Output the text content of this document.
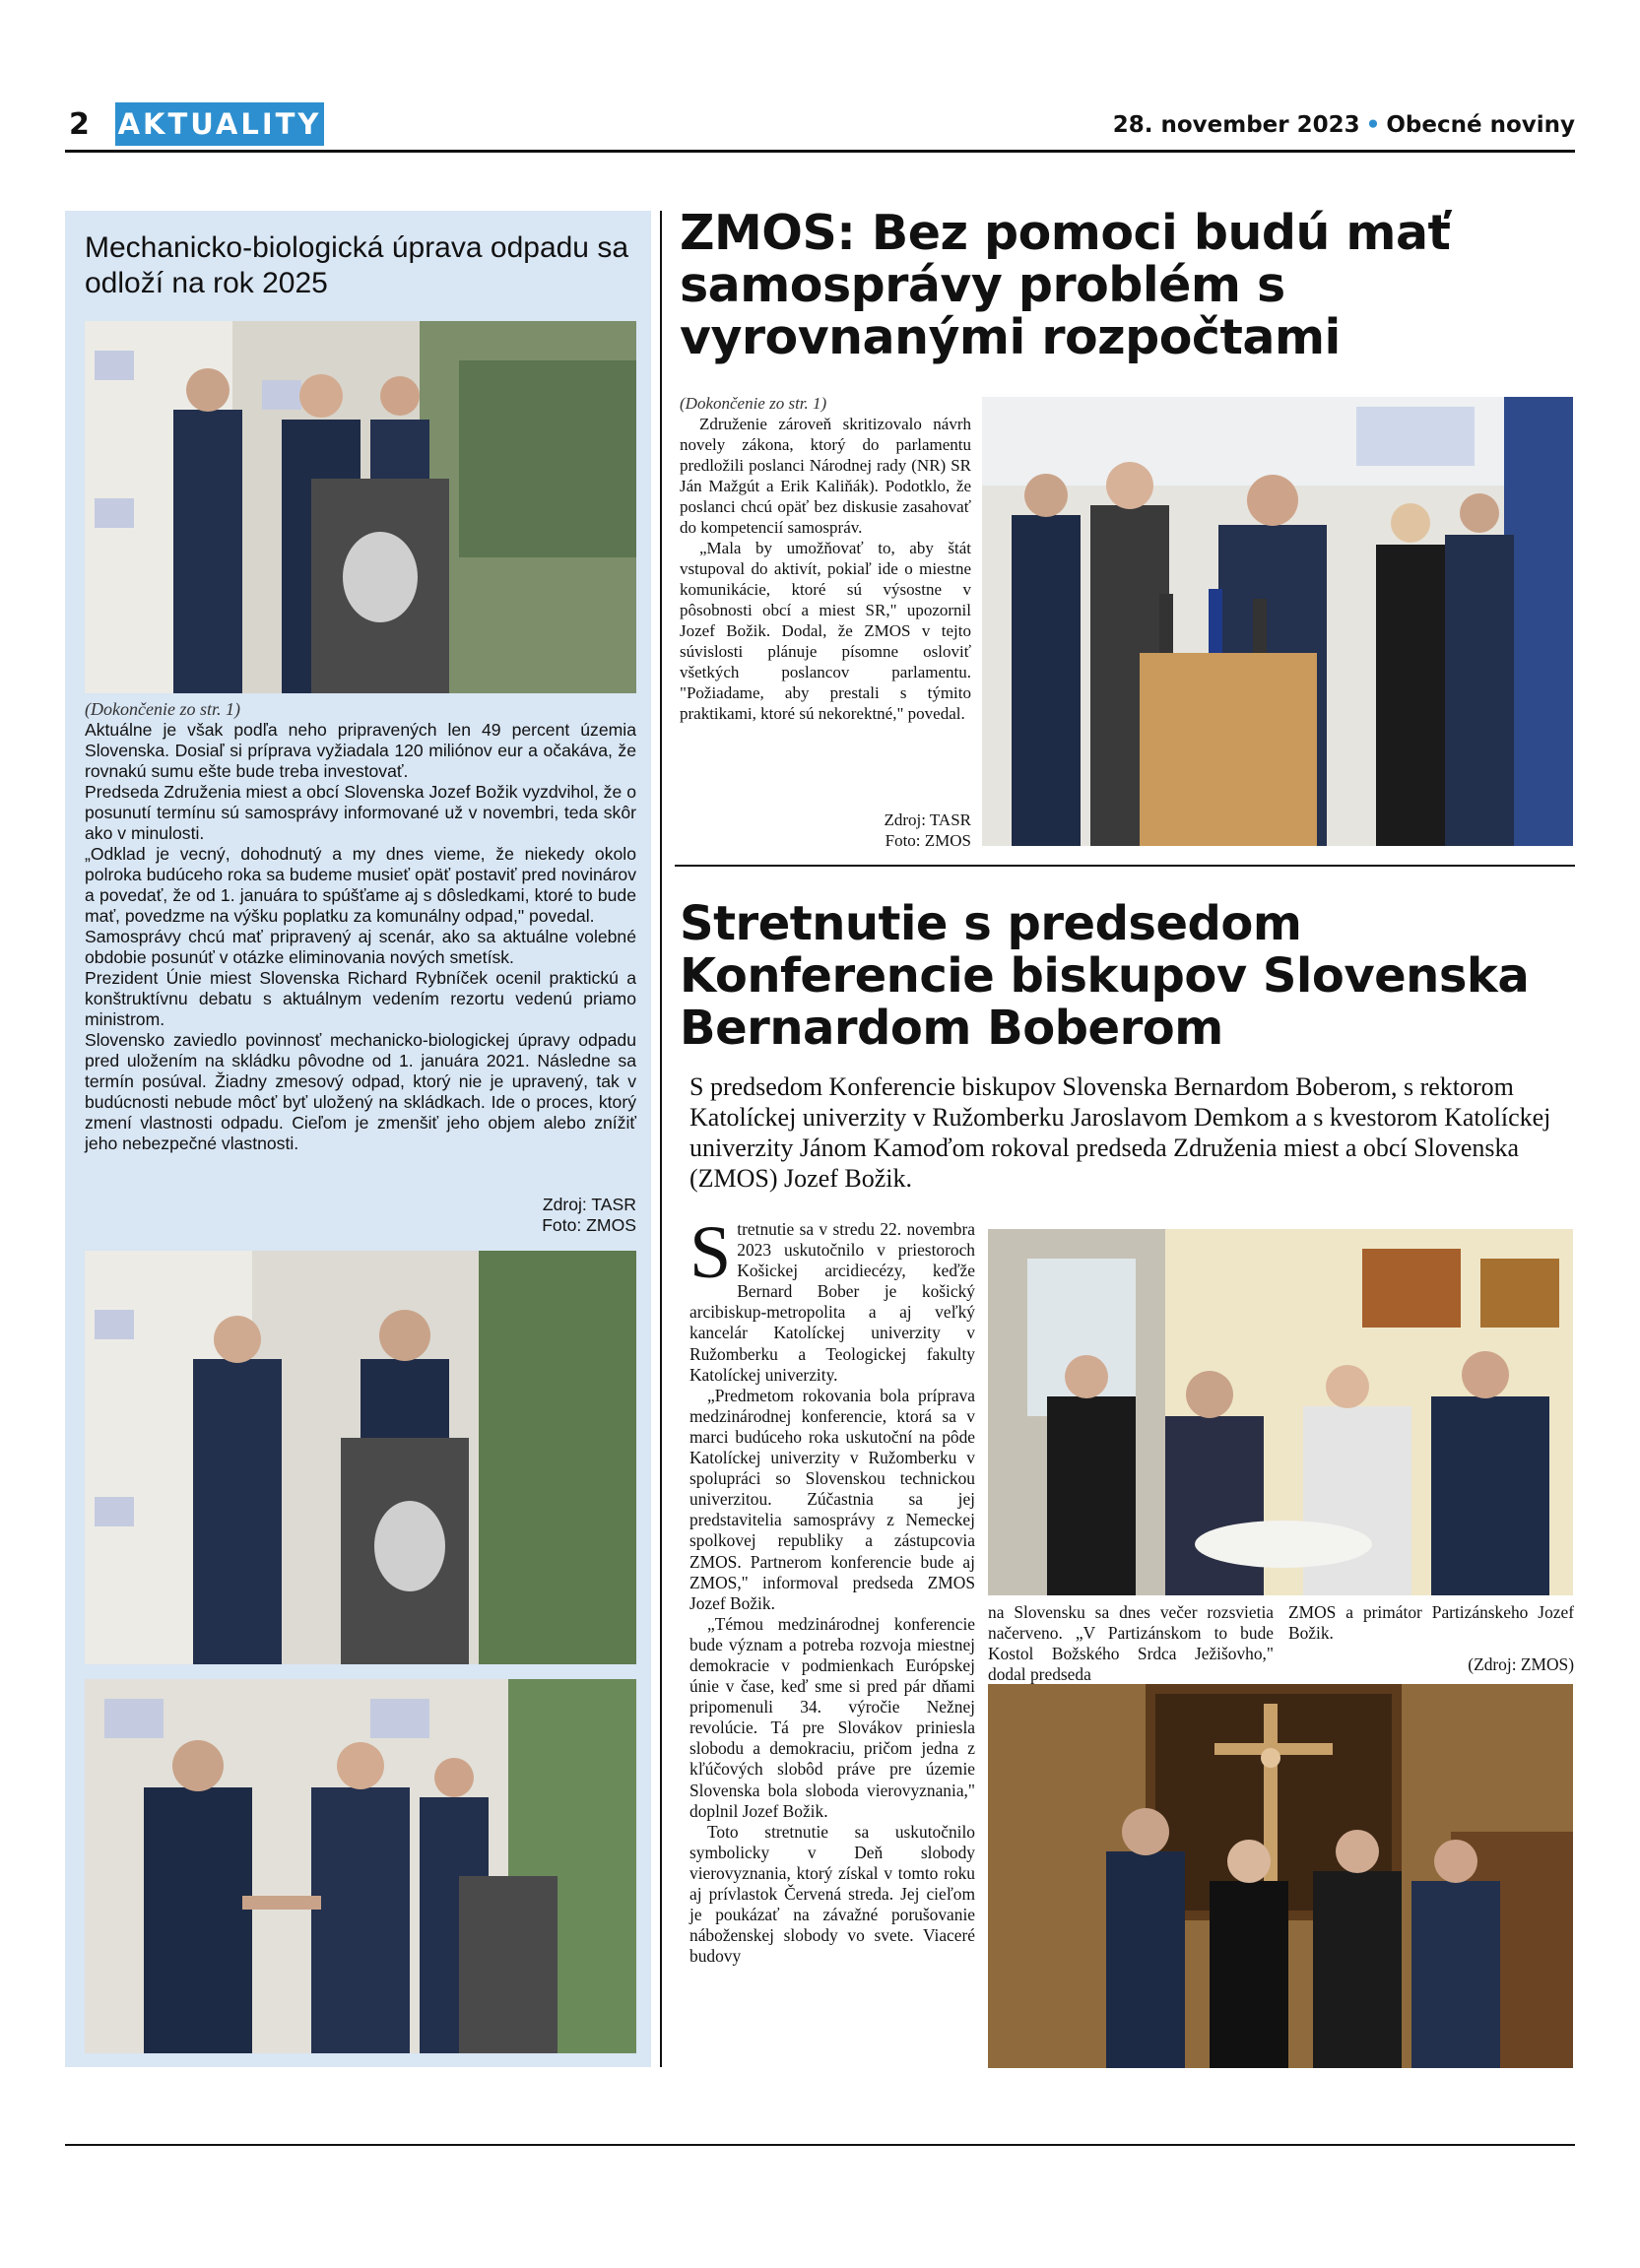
2 AKTUALITY	28. november 2023 • Obecné noviny
Mechanicko-biologická úprava odpadu sa odloží na rok 2025
(Dokončenie zo str. 1)

Aktuálne je však podľa neho pripravených len 49 percent územia Slovenska. Dosiaľ si príprava vyžiadala 120 miliónov eur a očakáva, že rovnakú sumu ešte bude treba investovať.

Predseda Združenia miest a obcí Slovenska Jozef Božik vyzdvihol, že o posunutí termínu sú samosprávy informované už v novembri, teda skôr ako v minulosti.

„Odklad je vecný, dohodnutý a my dnes vieme, že niekedy okolo polroka budúceho roka sa budeme musieť opäť postaviť pred novinárov a povedať, že od 1. januára to spúšťame aj s dôsledkami, ktoré to bude mať, povedzme na výšku poplatku za komunálny odpad," povedal.

Samosprávy chcú mať pripravený aj scenár, ako sa aktuálne volebné obdobie posunúť v otázke eliminovania nových smetísk.

Prezident Únie miest Slovenska Richard Rybníček ocenil praktickú a konštruktívnu debatu s aktuálnym vedením rezortu vedenú priamo ministrom.

Slovensko zaviedlo povinnosť mechanicko-biologickej úpravy odpadu pred uložením na skládku pôvodne od 1. januára 2021. Následne sa termín posúval. Žiadny zmesový odpad, ktorý nie je upravený, tak v budúcnosti nebude môcť byť uložený na skládkach. Ide o proces, ktorý zmení vlastnosti odpadu. Cieľom je zmenšiť jeho objem alebo znížiť jeho nebezpečné vlastnosti.

Zdroj: TASR
Foto: ZMOS
ZMOS: Bez pomoci budú mať samosprávy problém s vyrovnanými rozpočtami
(Dokončenie zo str. 1)

Združenie zároveň skritizovalo návrh novely zákona, ktorý do parlamentu predložili poslanci Národnej rady (NR) SR Ján Mažgút a Erik Kaliňák). Podotklo, že poslanci chcú opäť bez diskusie zasahovať do kompetencií samospráv.

„Mala by umožňovať to, aby štát vstupoval do aktivít, pokiaľ ide o miestne komunikácie, ktoré sú výsostne v pôsobnosti obcí a miest SR," upozornil Jozef Božik. Dodal, že ZMOS v tejto súvislosti plánuje písomne osloviť všetkých poslancov parlamentu. "Požiadame, aby prestali s týmito praktikami, ktoré sú nekorektné," povedal.

Zdroj: TASR
Foto: ZMOS
Stretnutie s predsedom Konferencie biskupov Slovenska Bernardom Boberom
S predsedom Konferencie biskupov Slovenska Bernardom Boberom, s rektorom Katolíckej univerzity v Ružomberku Jaroslavom Demkom a s kvestorom Katolíckej univerzity Jánom Kamoďom rokoval predseda Združenia miest a obcí Slovenska (ZMOS) Jozef Božik.

Stretnutie sa v stredu 22. novembra 2023 uskutočnilo v priestoroch Košickej arcidiecézy, keďže Bernard Bober je košický arcibiskup-metropolita a aj veľký kancelár Katolíckej univerzity v Ružomberku a Teologickej fakulty Katolíckej univerzity.

„Predmetom rokovania bola príprava medzinárodnej konferencie, ktorá sa v marci budúceho roka uskutoční na pôde Katolíckej univerzity v Ružomberku v spolupráci so Slovenskou technickou univerzitou. Zúčastnia sa jej predstavitelia samosprávy z Nemeckej spolkovej republiky a zástupcovia ZMOS. Partnerom konferencie bude aj ZMOS," informoval predseda ZMOS Jozef Božik.

„Témou medzinárodnej konferencie bude význam a potreba rozvoja miestnej demokracie v podmienkach Európskej únie v čase, keď sme si pred pár dňami pripomenuli 34. výročie Nežnej revolúcie. Tá pre Slovákov priniesla slobodu a demokraciu, pričom jedna z kľúčových slobôd práve pre územie Slovenska bola sloboda vierovyznania," doplnil Jozef Božik.

Toto stretnutie sa uskutočnilo symbolicky v Deň slobody vierovyznania, ktorý získal v tomto roku aj prívlastok Červená streda. Jej cieľom je poukázať na závažné porušovanie náboženskej slobody vo svete. Viaceré budovy

na Slovensku sa dnes večer rozsvietia načerveno. „V Partizánskom to bude Kostol Božského Srdca Ježišovho," dodal predseda
ZMOS a primátor Partizánskeho Jozef Božik.
(Zdroj: ZMOS)
